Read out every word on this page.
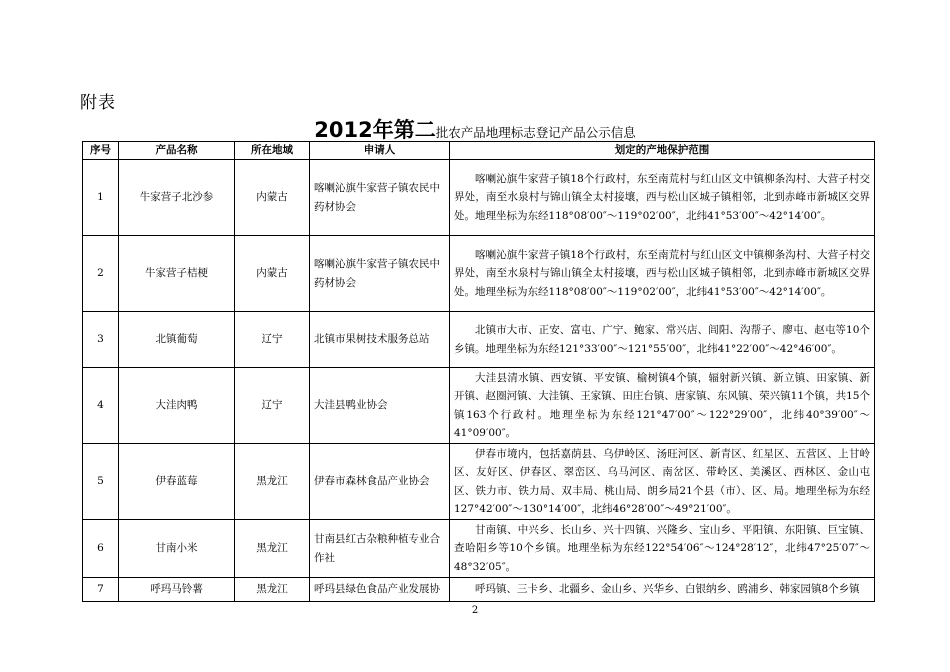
附表
2012年第二批农产品地理标志登记产品公示信息
序号	产品名称	所在地域	申请人	划定的产地保护范围
1	牛家营子北沙参	内蒙古	喀喇沁旗牛家营子镇农民中药材协会	喀喇沁旗牛家营子镇18个行政村，东至南荒村与红山区文中镇柳条沟村、大营子村交界处，南至水泉村与锦山镇全太村接壤，西与松山区城子镇相邻，北到赤峰市新城区交界处。地理坐标为东经118°08′00″～119°02′00″，北纬41°53′00″～42°14′00″。
2	牛家营子桔梗	内蒙古	喀喇沁旗牛家营子镇农民中药材协会	喀喇沁旗牛家营子镇18个行政村，东至南荒村与红山区文中镇柳条沟村、大营子村交界处，南至水泉村与锦山镇全太村接壤，西与松山区城子镇相邻，北到赤峰市新城区交界处。地理坐标为东经118°08′00″～119°02′00″，北纬41°53′00″～42°14′00″。
3	北镇葡萄	辽宁	北镇市果树技术服务总站	北镇市大市、正安、富屯、广宁、鲍家、常兴店、闾阳、沟帮子、廖屯、赵屯等10个乡镇。地理坐标为东经121°33′00″～121°55′00″，北纬41°22′00″～42°46′00″。
4	大洼肉鸭	辽宁	大洼县鸭业协会	大洼县清水镇、西安镇、平安镇、榆树镇4个镇，辐射新兴镇、新立镇、田家镇、新开镇、赵圈河镇、大洼镇、王家镇、田庄台镇、唐家镇、东风镇、荣兴镇11个镇，共15个镇163个行政村。地理坐标为东经121°47′00″～122°29′00″，北纬40°39′00″～41°09′00″。
5	伊春蓝莓	黑龙江	伊春市森林食品产业协会	伊春市境内，包括嘉荫县、乌伊岭区、汤旺河区、新青区、红星区、五营区、上甘岭区、友好区、伊春区、翠峦区、乌马河区、南岔区、带岭区、美溪区、西林区、金山屯区、铁力市、铁力局、双丰局、桃山局、朗乡局21个县（市）、区、局。地理坐标为东经127°42′00″～130°14′00″，北纬46°28′00″～49°21′00″。
6	甘南小米	黑龙江	甘南县红古杂粮种植专业合作社	甘南镇、中兴乡、长山乡、兴十四镇、兴隆乡、宝山乡、平阳镇、东阳镇、巨宝镇、查哈阳乡等10个乡镇。地理坐标为东经122°54′06″～124°28′12″，北纬47°25′07″～48°32′05″。
7	呼玛马铃薯	黑龙江	呼玛县绿色食品产业发展协	呼玛镇、三卡乡、北疆乡、金山乡、兴华乡、白银纳乡、鸥浦乡、韩家园镇8个乡镇
2
